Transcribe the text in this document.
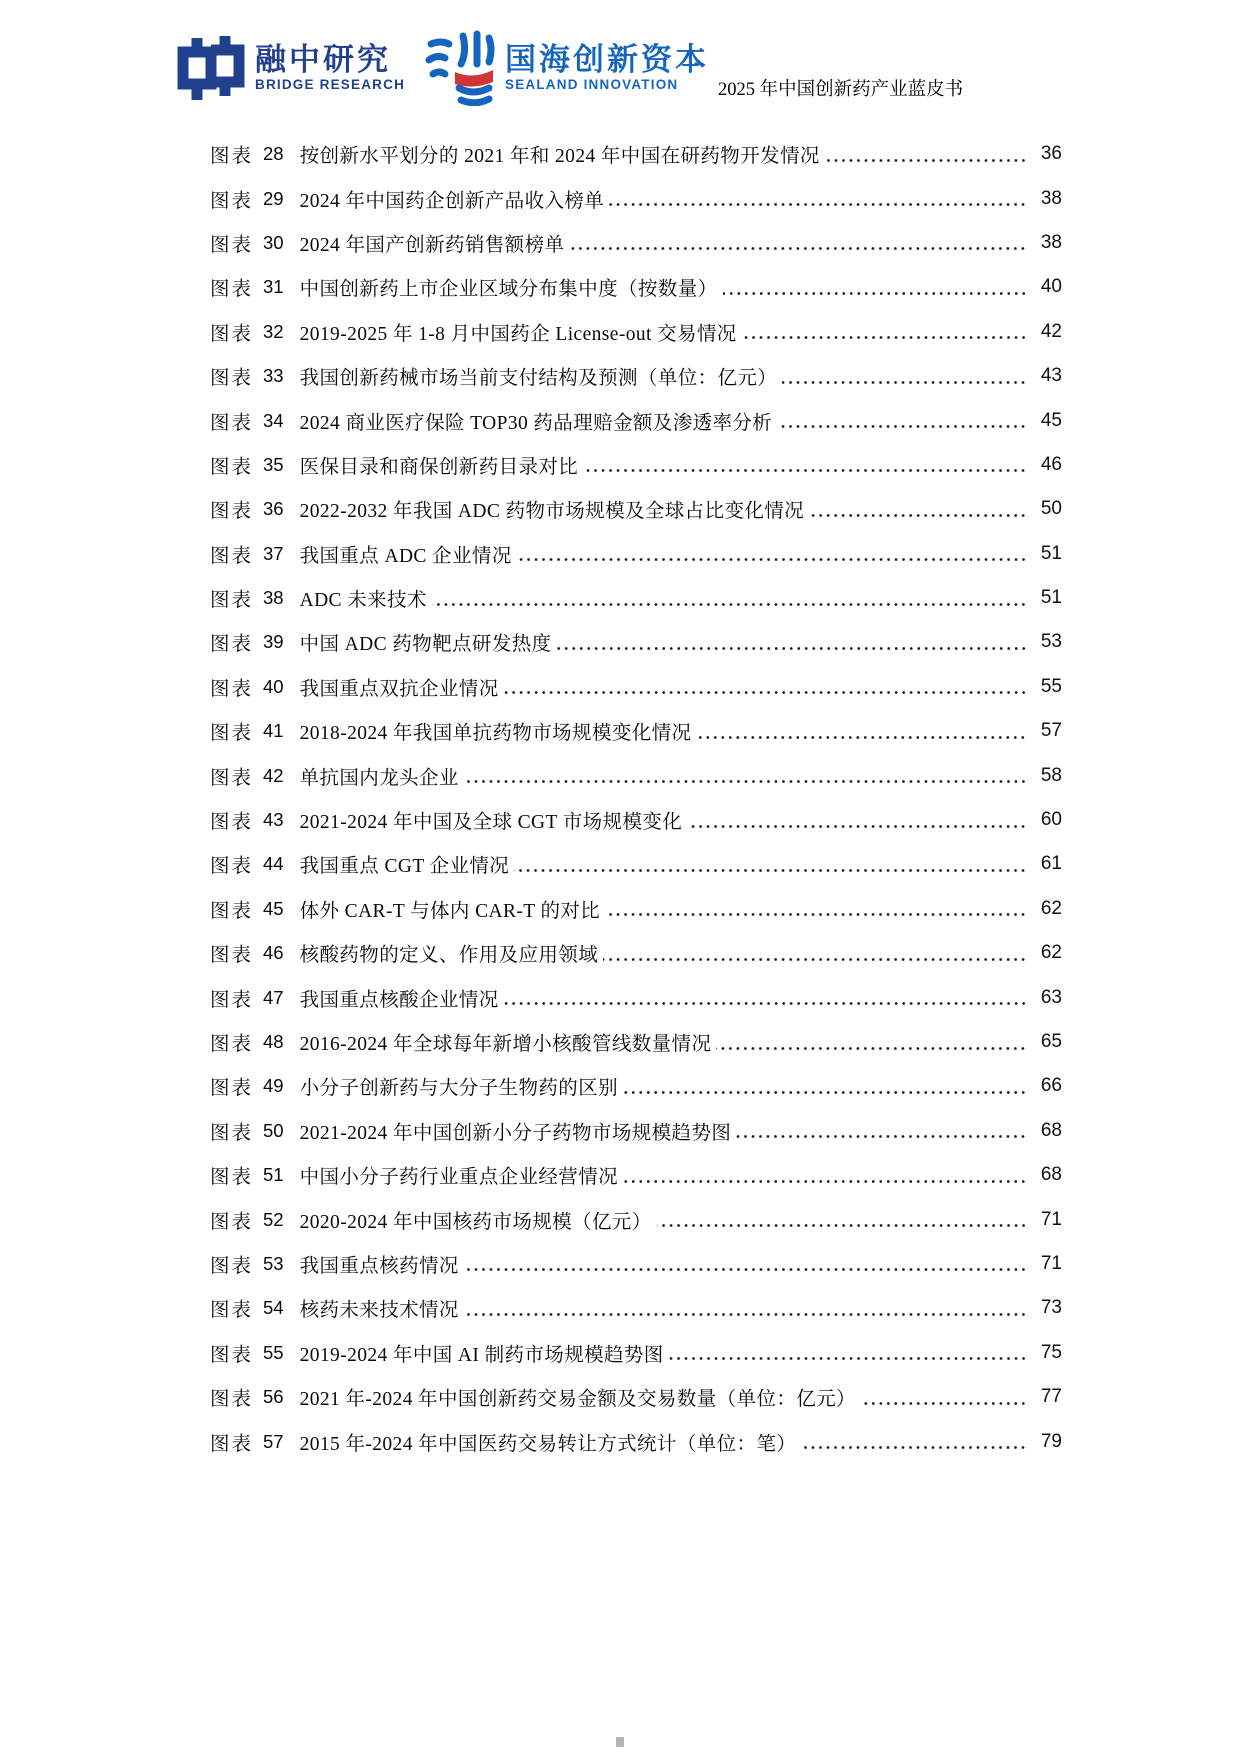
融中研究
BRIDGE RESEARCH
国海创新资本
SEALAND INNOVATION	2025 年中国创新药产业蓝皮书
图表 28 按创新水平划分的 2021 年和 2024 年中国在研药物开发情况	36
图表 29 2024 年中国药企创新产品收入榜单	38
图表 30 2024 年国产创新药销售额榜单	38
图表 31 中国创新药上市企业区域分布集中度（按数量）	40
图表 32 2019-2025 年 1-8 月中国药企 License-out 交易情况	42
图表 33 我国创新药械市场当前支付结构及预测（单位：亿元）	43
图表 34 2024 商业医疗保险 TOP30 药品理赔金额及渗透率分析	45
图表 35 医保目录和商保创新药目录对比	46
图表 36 2022-2032 年我国 ADC 药物市场规模及全球占比变化情况	50
图表 37 我国重点 ADC 企业情况	51
图表 38 ADC 未来技术	51
图表 39 中国 ADC 药物靶点研发热度	53
图表 40 我国重点双抗企业情况	55
图表 41 2018-2024 年我国单抗药物市场规模变化情况	57
图表 42 单抗国内龙头企业	58
图表 43 2021-2024 年中国及全球 CGT 市场规模变化	60
图表 44 我国重点 CGT 企业情况	61
图表 45 体外 CAR-T 与体内 CAR-T 的对比	62
图表 46 核酸药物的定义、作用及应用领域	62
图表 47 我国重点核酸企业情况	63
图表 48 2016-2024 年全球每年新增小核酸管线数量情况	65
图表 49 小分子创新药与大分子生物药的区别	66
图表 50 2021-2024 年中国创新小分子药物市场规模趋势图	68
图表 51 中国小分子药行业重点企业经营情况	68
图表 52 2020-2024 年中国核药市场规模（亿元）	71
图表 53 我国重点核药情况	71
图表 54 核药未来技术情况	73
图表 55 2019-2024 年中国 AI 制药市场规模趋势图	75
图表 56 2021 年-2024 年中国创新药交易金额及交易数量（单位：亿元）	77
图表 57 2015 年-2024 年中国医药交易转让方式统计（单位：笔）	79
